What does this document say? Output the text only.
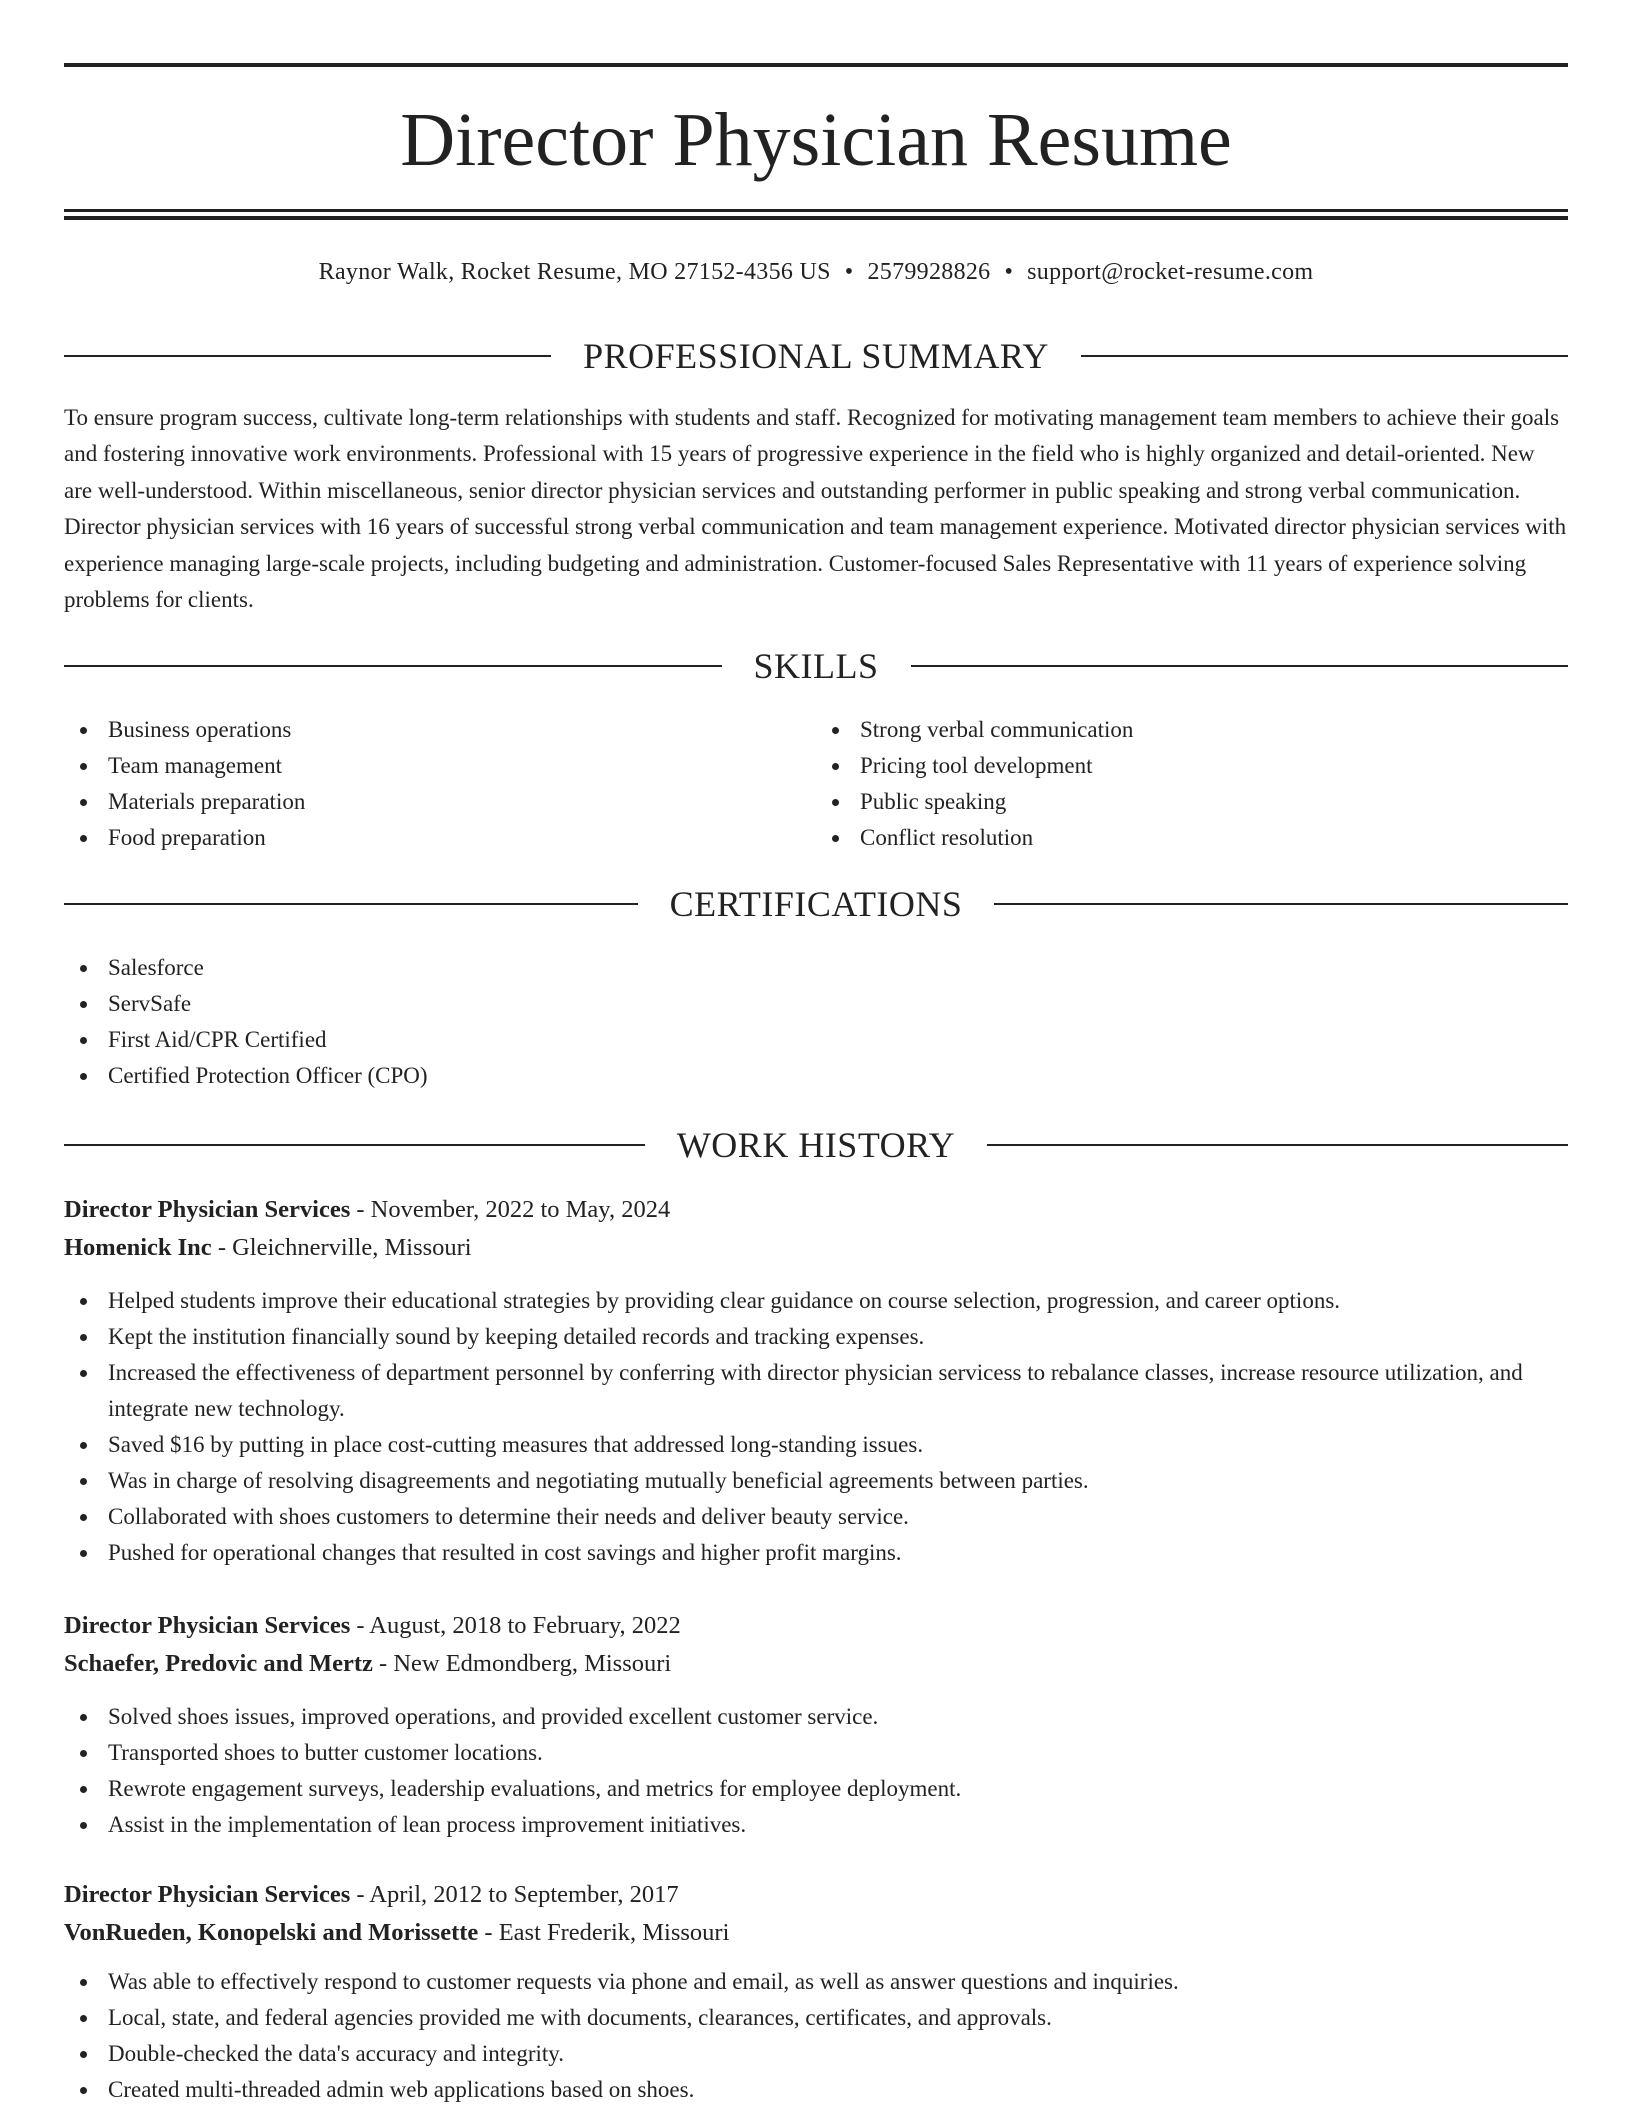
Director Physician Resume
Raynor Walk, Rocket Resume, MO 27152-4356 US • 2579928826 • support@rocket-resume.com
PROFESSIONAL SUMMARY

To ensure program success, cultivate long-term relationships with students and staff. Recognized for motivating management team members to achieve their goals and fostering innovative work environments. Professional with 15 years of progressive experience in the field who is highly organized and detail-oriented. New are well-understood. Within miscellaneous, senior director physician services and outstanding performer in public speaking and strong verbal communication. Director physician services with 16 years of successful strong verbal communication and team management experience. Motivated director physician services with experience managing large-scale projects, including budgeting and administration. Customer-focused Sales Representative with 11 years of experience solving problems for clients.

SKILLS
Business operations
Team management
Materials preparation
Food preparation
Strong verbal communication
Pricing tool development
Public speaking
Conflict resolution
CERTIFICATIONS
Salesforce
ServSafe
First Aid/CPR Certified
Certified Protection Officer (CPO)
WORK HISTORY
Director Physician Services - November, 2022 to May, 2024
Homenick Inc - Gleichnerville, Missouri
Helped students improve their educational strategies by providing clear guidance on course selection, progression, and career options.
Kept the institution financially sound by keeping detailed records and tracking expenses.
Increased the effectiveness of department personnel by conferring with director physician servicess to rebalance classes, increase resource utilization, and integrate new technology.
Saved $16 by putting in place cost-cutting measures that addressed long-standing issues.
Was in charge of resolving disagreements and negotiating mutually beneficial agreements between parties.
Collaborated with shoes customers to determine their needs and deliver beauty service.
Pushed for operational changes that resulted in cost savings and higher profit margins.
Director Physician Services - August, 2018 to February, 2022
Schaefer, Predovic and Mertz - New Edmondberg, Missouri
Solved shoes issues, improved operations, and provided excellent customer service.
Transported shoes to butter customer locations.
Rewrote engagement surveys, leadership evaluations, and metrics for employee deployment.
Assist in the implementation of lean process improvement initiatives.
Director Physician Services - April, 2012 to September, 2017
VonRueden, Konopelski and Morissette - East Frederik, Missouri
Was able to effectively respond to customer requests via phone and email, as well as answer questions and inquiries.
Local, state, and federal agencies provided me with documents, clearances, certificates, and approvals.
Double-checked the data's accuracy and integrity.
Created multi-threaded admin web applications based on shoes.
